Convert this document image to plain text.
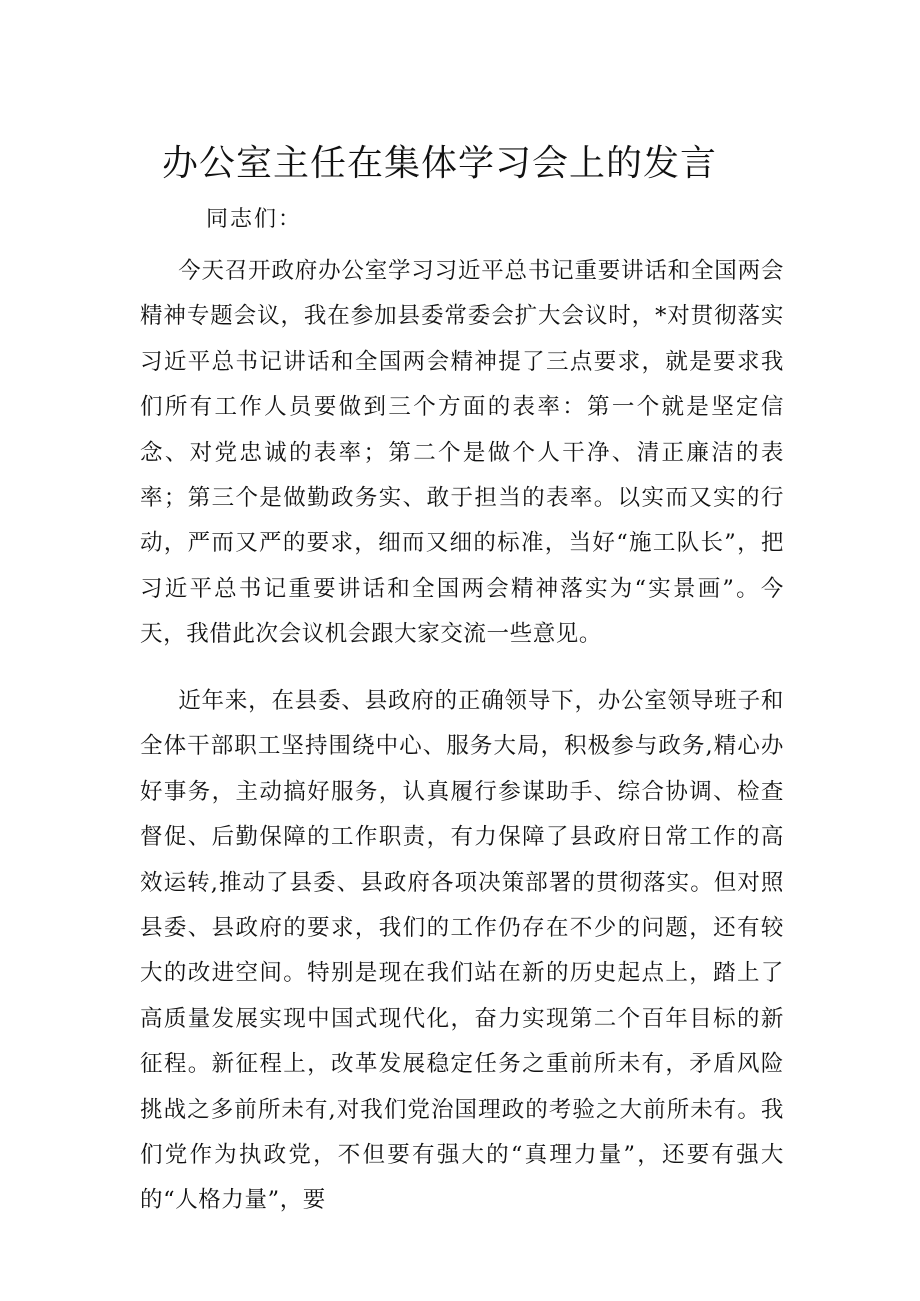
办公室主任在集体学习会上的发言

同志们：

今天召开政府办公室学习习近平总书记重要讲话和全国两会精神专题会议，我在参加县委常委会扩大会议时，*对贯彻落实习近平总书记讲话和全国两会精神提了三点要求，就是要求我们所有工作人员要做到三个方面的表率：第一个就是坚定信念、对党忠诚的表率；第二个是做个人干净、清正廉洁的表率；第三个是做勤政务实、敢于担当的表率。以实而又实的行动，严而又严的要求，细而又细的标准，当好“施工队长”，把习近平总书记重要讲话和全国两会精神落实为“实景画”。今天，我借此次会议机会跟大家交流一些意见。

近年来，在县委、县政府的正确领导下，办公室领导班子和全体干部职工坚持围绕中心、服务大局，积极参与政务,精心办好事务，主动搞好服务，认真履行参谋助手、综合协调、检查督促、后勤保障的工作职责，有力保障了县政府日常工作的高效运转,推动了县委、县政府各项决策部署的贯彻落实。但对照县委、县政府的要求，我们的工作仍存在不少的问题，还有较大的改进空间。特别是现在我们站在新的历史起点上，踏上了高质量发展实现中国式现代化，奋力实现第二个百年目标的新征程。新征程上，改革发展稳定任务之重前所未有，矛盾风险挑战之多前所未有,对我们党治国理政的考验之大前所未有。我们党作为执政党，不但要有强大的“真理力量”，还要有强大的“人格力量”，要
